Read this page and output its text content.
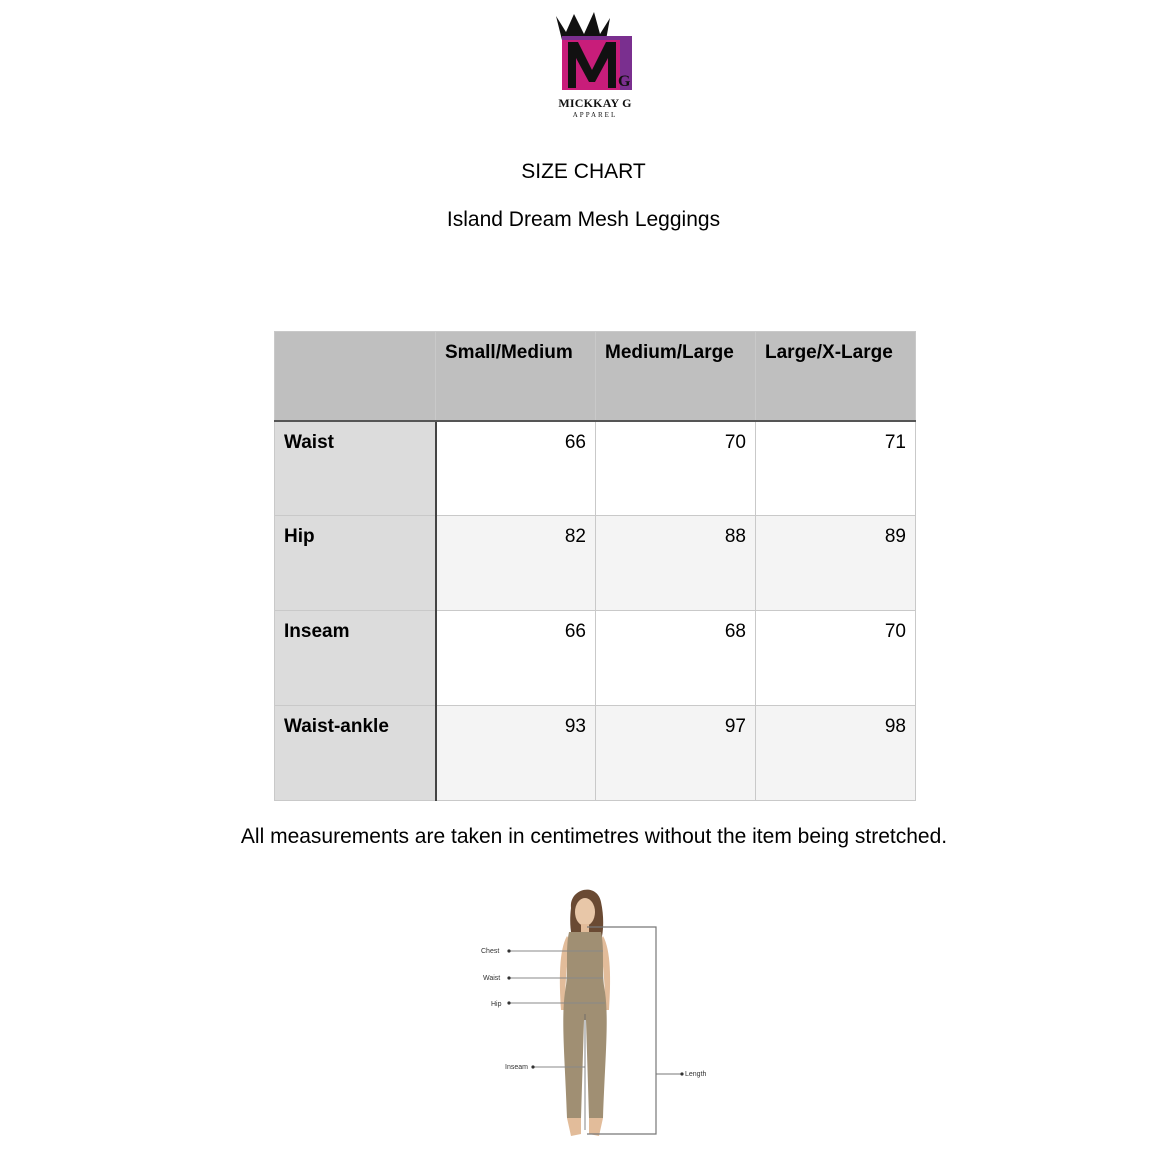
G
MICKKAY G
APPAREL
SIZE CHART
Island Dream Mesh Leggings
	Small/Medium	Medium/Large	Large/X-Large
Waist	66	70	71
Hip	82	88	89
Inseam	66	68	70
Waist-ankle	93	97	98
All measurements are taken in centimetres without the item being stretched.
Chest
Waist
Hip
Inseam
Length
